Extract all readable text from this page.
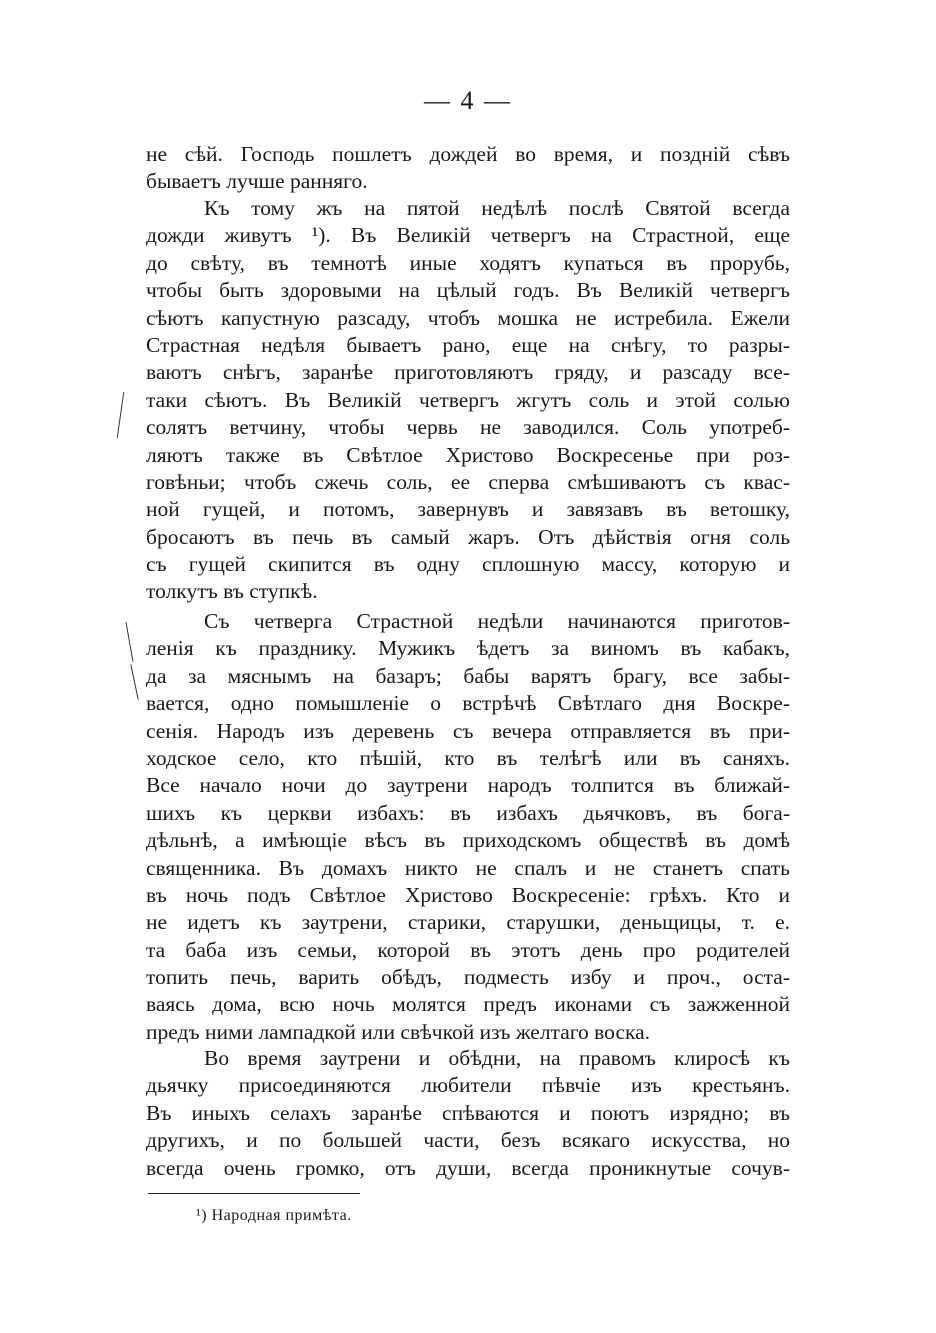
— 4 —
не сѣй. Господь пошлетъ дождей во время, и поздній сѣвъ
бываетъ лучше ранняго.
Къ тому жъ на пятой недѣлѣ послѣ Святой всегда
дожди живутъ ¹). Въ Великій четвергъ на Страстной, еще
до свѣту, въ темнотѣ иные ходятъ купаться въ прорубь,
чтобы быть здоровыми на цѣлый годъ. Въ Великій четвергъ
сѣютъ капустную разсаду, чтобъ мошка не истребила. Ежели
Страстная недѣля бываетъ рано, еще на снѣгу, то разры-
ваютъ снѣгъ, заранѣе приготовляютъ гряду, и разсаду все-
таки сѣютъ. Въ Великій четвергъ жгутъ соль и этой солью
солятъ ветчину, чтобы червь не заводился. Соль употреб-
ляютъ также въ Свѣтлое Христово Воскресенье при роз-
говѣньи; чтобъ сжечь соль, ее сперва смѣшиваютъ съ квас-
ной гущей, и потомъ, завернувъ и завязавъ въ ветошку,
бросаютъ въ печь въ самый жаръ. Отъ дѣйствія огня соль
съ гущей скипится въ одну сплошную массу, которую и
толкутъ въ ступкѣ.
Съ четверга Страстной недѣли начинаются приготов-
ленія къ празднику. Мужикъ ѣдетъ за виномъ въ кабакъ,
да за мяснымъ на базаръ; бабы варятъ брагу, все забы-
вается, одно помышленіе о встрѣчѣ Свѣтлаго дня Воскре-
сенія. Народъ изъ деревень съ вечера отправляется въ при-
ходское село, кто пѣшій, кто въ телѣгѣ или въ саняхъ.
Все начало ночи до заутрени народъ толпится въ ближай-
шихъ къ церкви избахъ: въ избахъ дьячковъ, въ бога-
дѣльнѣ, а имѣющіе вѣсъ въ приходскомъ обществѣ въ домѣ
священника. Въ домахъ никто не спалъ и не станетъ спать
въ ночь подъ Свѣтлое Христово Воскресеніе: грѣхъ. Кто и
не идетъ къ заутрени, старики, старушки, деньщицы, т. е.
та баба изъ семьи, которой въ этотъ день про родителей
топить печь, варить обѣдъ, подместь избу и проч., оста-
ваясь дома, всю ночь молятся предъ иконами съ зажженной
предъ ними лампадкой или свѣчкой изъ желтаго воска.
Во время заутрени и обѣдни, на правомъ клиросѣ къ
дьячку присоединяются любители пѣвчіе изъ крестьянъ.
Въ иныхъ селахъ заранѣе спѣваются и поютъ изрядно; въ
другихъ, и по большей части, безъ всякаго искусства, но
всегда очень громко, отъ души, всегда проникнутые сочув-
¹) Народная примѣта.
